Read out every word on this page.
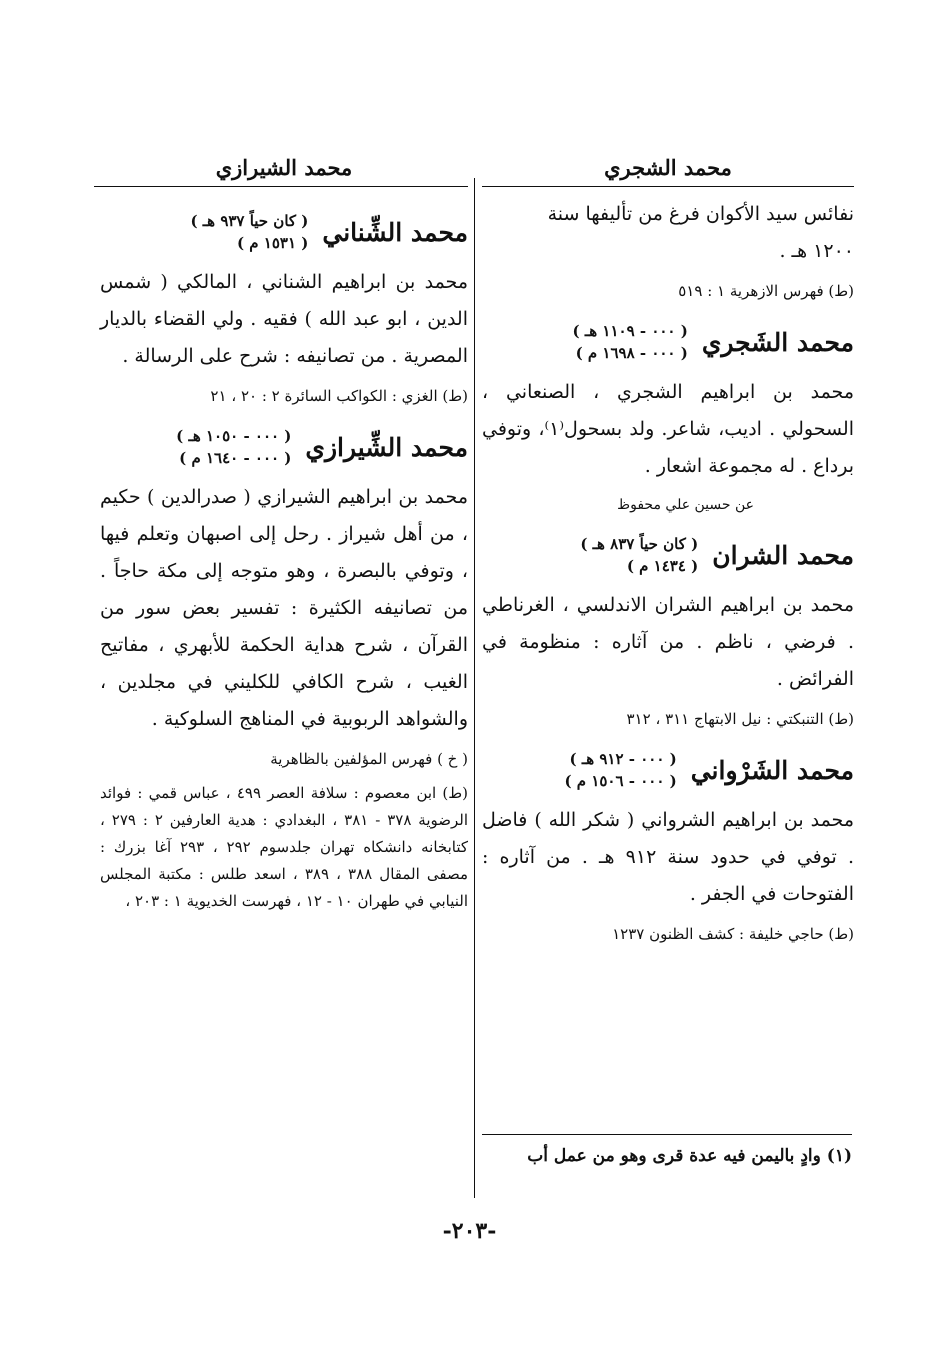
محمد الشجري

نفائس سيد الأكوان فرغ من تأليفها سنة

١٢٠٠ هـ .

(ط) فهرس الازهرية ١ : ٥١٩

محمد الشَجري
( ٠٠٠ - ١١٠٩ هـ )
( ٠٠٠ - ١٦٩٨ م )

محمد بن ابراهيم الشجري ، الصنعاني ، السحولي . اديب، شاعر. ولد بسحول⁽١⁾، وتوفي برداع . له مجموعة اشعار .

عن حسين علي محفوظ

محمد الشران
( كان حياً ٨٣٧ هـ )
( ١٤٣٤ م )

محمد بن ابراهيم الشران الاندلسي ، الغرناطي . فرضي ، ناظم . من آثاره : منظومة في الفرائض .

(ط) التنبكتي : نيل الابتهاج ٣١١ ، ٣١٢

محمد الشَرْواني
( ٠٠٠ - ٩١٢ هـ )
( ٠٠٠ - ١٥٠٦ م )

محمد بن ابراهيم الشرواني ( شكر الله ) فاضل . توفي في حدود سنة ٩١٢ هـ . من آثاره : الفتوحات في الجفر .

(ط) حاجي خليفة : كشف الظنون ١٢٣٧

محمد الشيرازي
محمد الشِّناني
( كان حياً ٩٣٧ هـ )
( ١٥٣١ م )

محمد بن ابراهيم الشناني ، المالكي ( شمس الدين ، ابو عبد الله ) فقيه . ولي القضاء بالديار المصرية . من تصانيفه : شرح على الرسالة .

(ط) الغزي : الكواكب السائرة ٢ : ٢٠ ، ٢١

محمد الشِّيرازي
( ٠٠٠ - ١٠٥٠ هـ )
( ٠٠٠ - ١٦٤٠ م )

محمد بن ابراهيم الشيرازي ( صدرالدين ) حكيم ، من أهل شيراز . رحل إلى اصبهان وتعلم فيها ، وتوفي بالبصرة ، وهو متوجه إلى مكة حاجاً . من تصانيفه الكثيرة : تفسير بعض سور من القرآن ، شرح هداية الحكمة للأبهري ، مفاتيح الغيب ، شرح الكافي للكليني في مجلدين ، والشواهد الربوبية في المناهج السلوكية .

( خ ) فهرس المؤلفين بالظاهرية

(ط) ابن معصوم : سلافة العصر ٤٩٩ ، عباس قمي : فوائد الرضوية ٣٧٨ - ٣٨١ ، البغدادي : هدية العارفين ٢ : ٢٧٩ ، كتابخانه دانشكاه تهران جلدسوم ٢٩٢ ، ٢٩٣ آغا بزرك : مصفى المقال ٣٨٨ ، ٣٨٩ ، اسعد طلس : مكتبة المجلس النيابي في طهران ١٠ - ١٢ ، فهرست الخديوية ١ : ٢٠٣ ،

(١) وادٍ باليمن فيه عدة قرى وهو من عمل أب
-٢٠٣-
